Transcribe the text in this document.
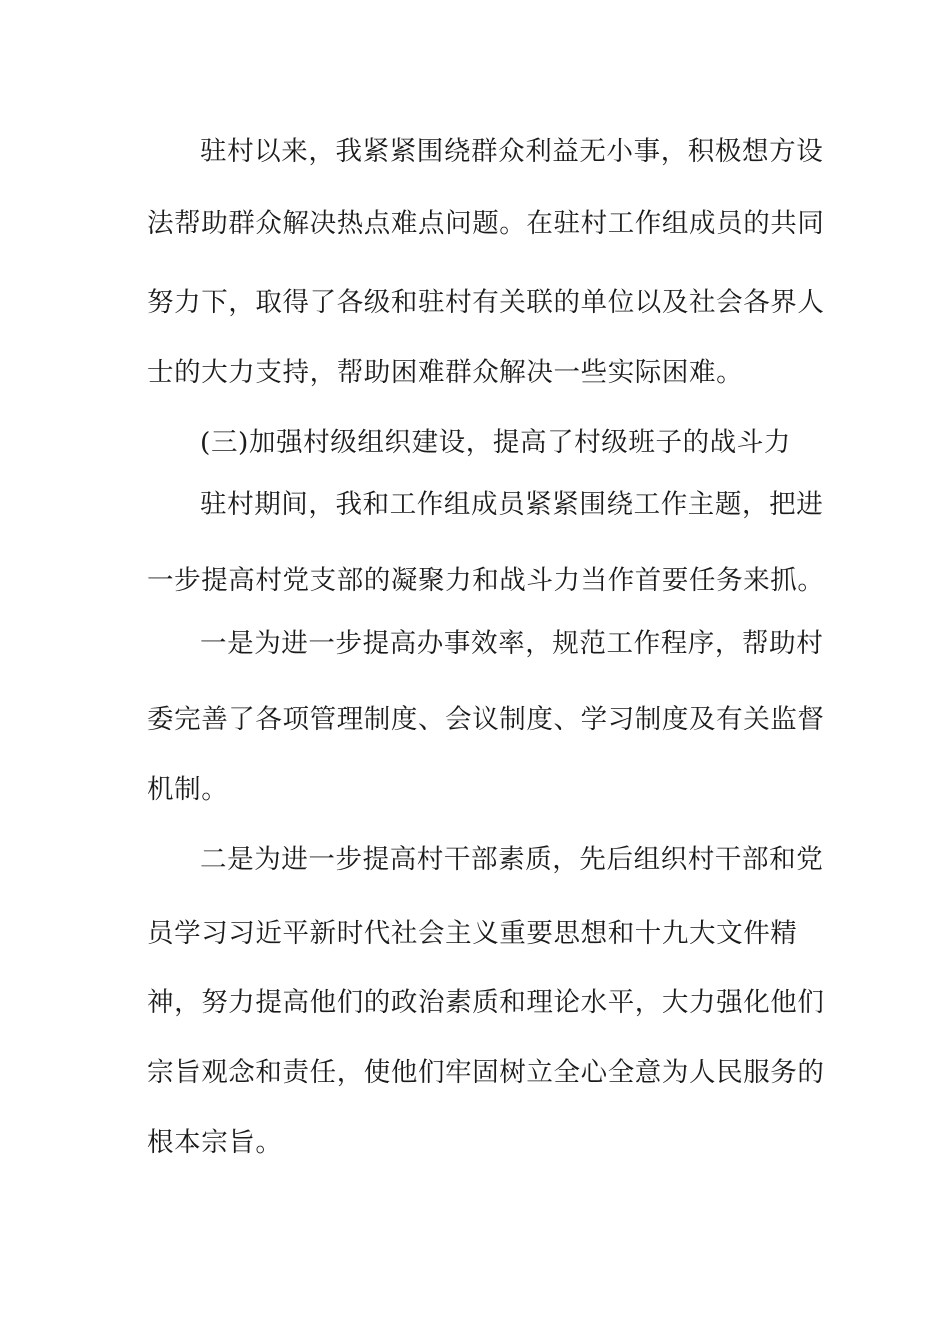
驻村以来，我紧紧围绕群众利益无小事，积极想方设
法帮助群众解决热点难点问题。在驻村工作组成员的共同
努力下，取得了各级和驻村有关联的单位以及社会各界人
士的大力支持，帮助困难群众解决一些实际困难。
(三)加强村级组织建设，提高了村级班子的战斗力
驻村期间，我和工作组成员紧紧围绕工作主题，把进
一步提高村党支部的凝聚力和战斗力当作首要任务来抓。
一是为进一步提高办事效率，规范工作程序，帮助村
委完善了各项管理制度、会议制度、学习制度及有关监督
机制。
二是为进一步提高村干部素质，先后组织村干部和党
员学习习近平新时代社会主义重要思想和十九大文件精
神，努力提高他们的政治素质和理论水平，大力强化他们
宗旨观念和责任，使他们牢固树立全心全意为人民服务的
根本宗旨。
